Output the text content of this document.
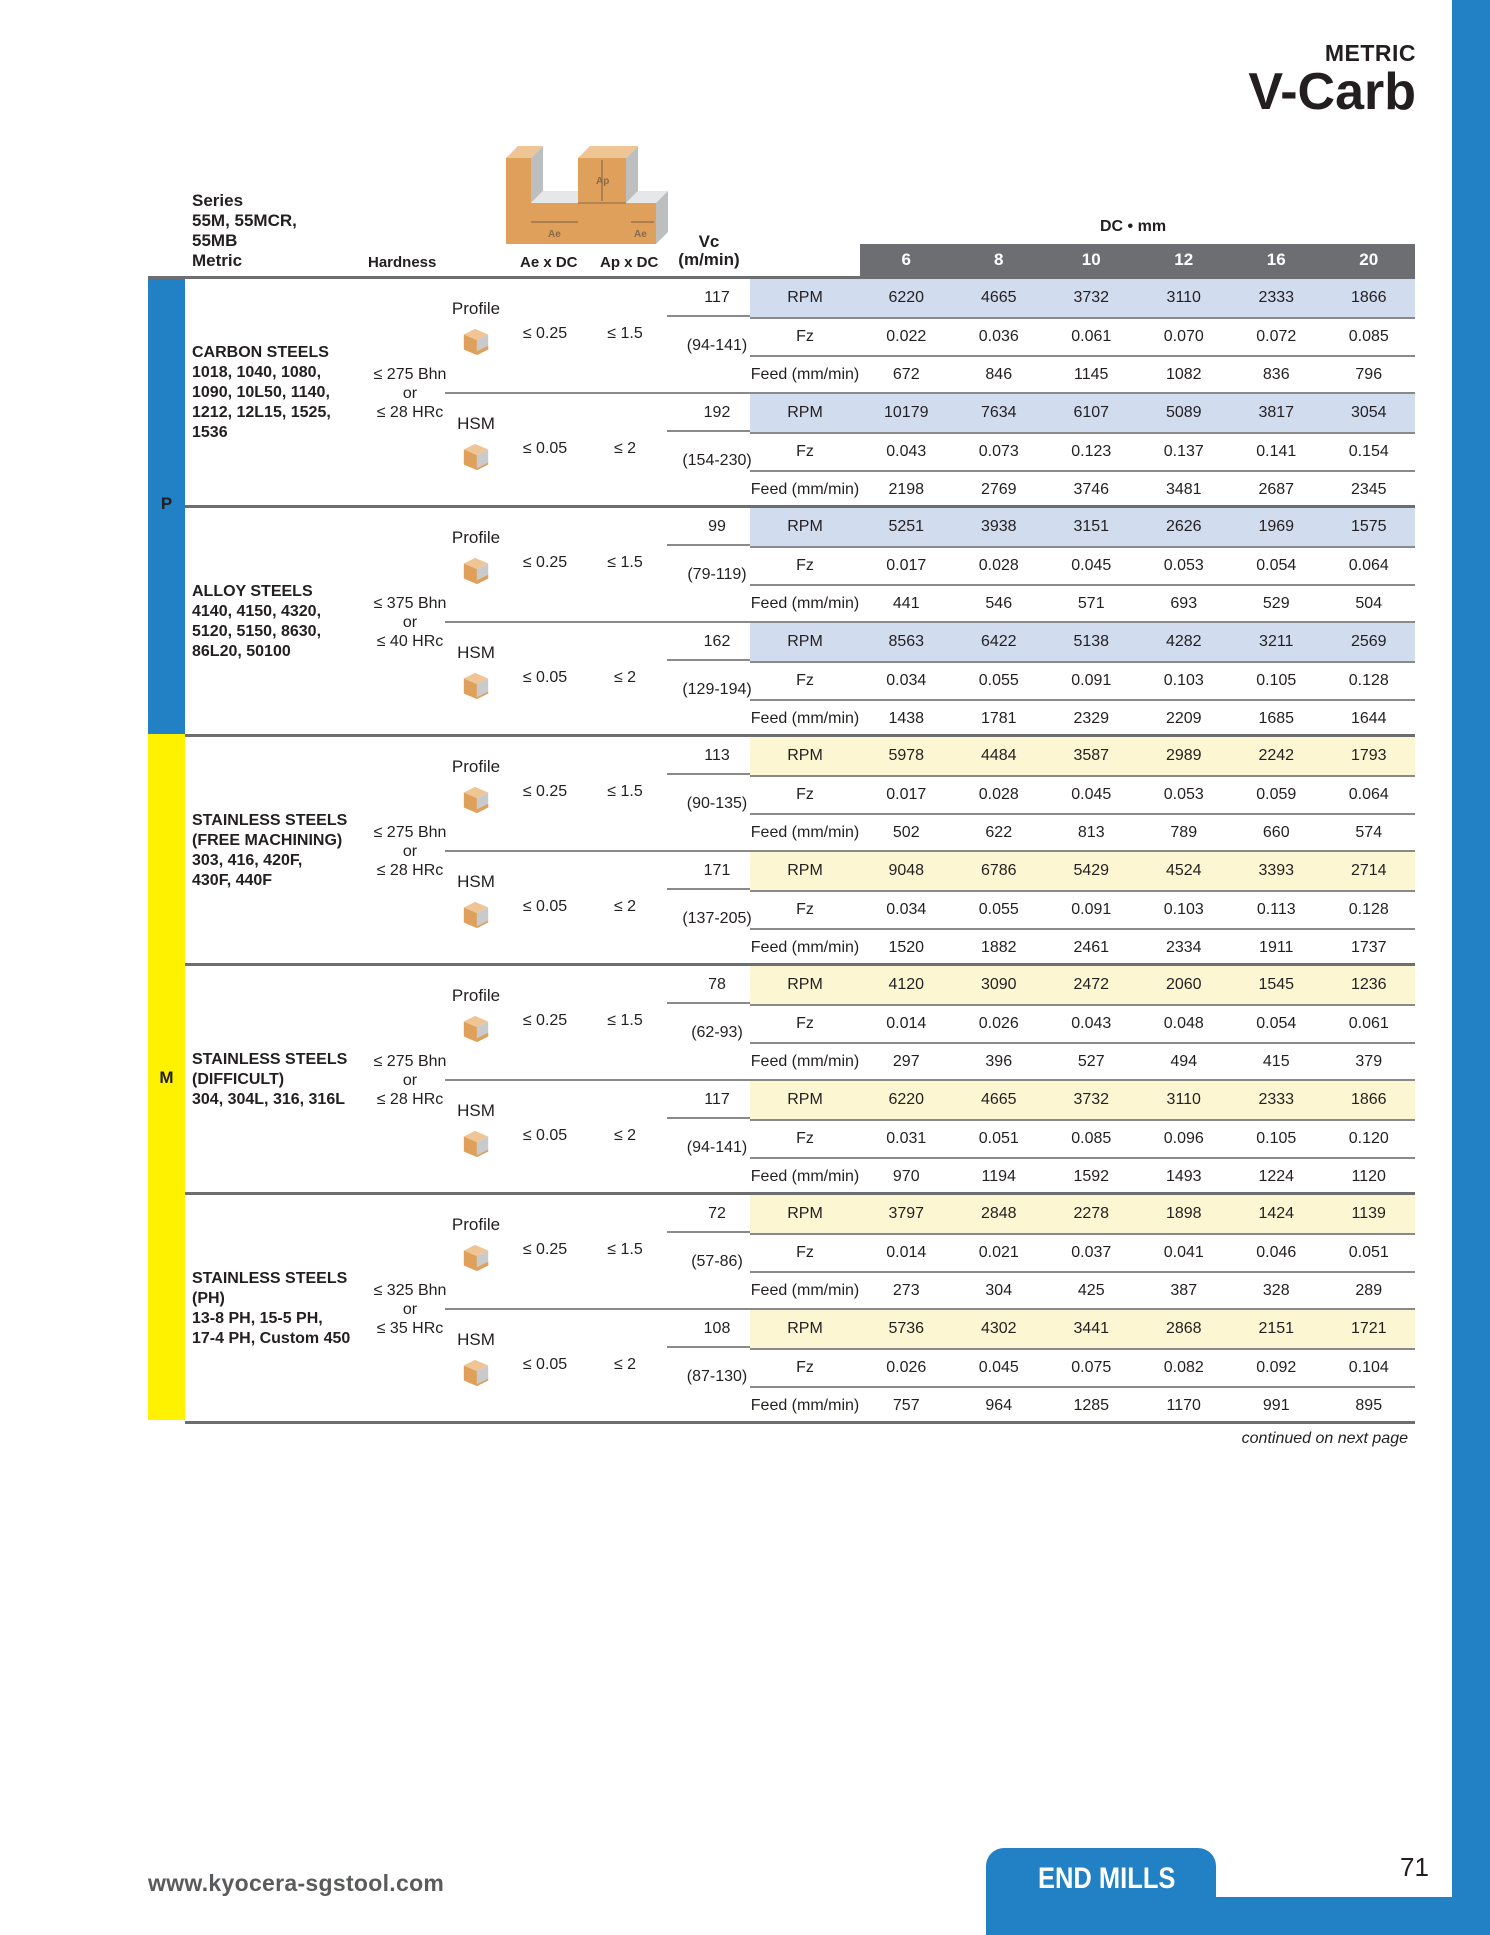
METRIC
V-Carb
Ap
Ae	Ae
Series
55M, 55MCR,
55MB
Metric	Hardness	Ae x DC Ap x DC
Vc
(m/min)
DC • mm
6	8	10	12	16	20
P
M
CARBON STEELS
1018, 1040, 1080,
1090, 10L50, 1140,
1212, 12L15, 1525,
1536
≤ 275 Bhn
or
≤ 28 HRc
Profile
≤ 0.25	≤ 1.5
117
(94-141)
RPM	6220	4665	3732	3110	2333	1866
Fz	0.022	0.036	0.061	0.070	0.072	0.085
Feed (mm/min)	672	846	1145	1082	836	796
HSM
≤ 0.05	≤ 2
192
(154-230)
RPM	10179	7634	6107	5089	3817	3054
Fz	0.043	0.073	0.123	0.137	0.141	0.154
Feed (mm/min)	2198	2769	3746	3481	2687	2345
ALLOY STEELS
4140, 4150, 4320,
5120, 5150, 8630,
86L20, 50100
≤ 375 Bhn
or
≤ 40 HRc
Profile
≤ 0.25	≤ 1.5
99
(79-119)
RPM	5251	3938	3151	2626	1969	1575
Fz	0.017	0.028	0.045	0.053	0.054	0.064
Feed (mm/min)	441	546	571	693	529	504
HSM
≤ 0.05	≤ 2
162
(129-194)
RPM	8563	6422	5138	4282	3211	2569
Fz	0.034	0.055	0.091	0.103	0.105	0.128
Feed (mm/min)	1438	1781	2329	2209	1685	1644
STAINLESS STEELS
(FREE MACHINING)
303, 416, 420F,
430F, 440F
≤ 275 Bhn
or
≤ 28 HRc
Profile
≤ 0.25	≤ 1.5
113
(90-135)
RPM	5978	4484	3587	2989	2242	1793
Fz	0.017	0.028	0.045	0.053	0.059	0.064
Feed (mm/min)	502	622	813	789	660	574
HSM
≤ 0.05	≤ 2
171
(137-205)
RPM	9048	6786	5429	4524	3393	2714
Fz	0.034	0.055	0.091	0.103	0.113	0.128
Feed (mm/min)	1520	1882	2461	2334	1911	1737
STAINLESS STEELS
(DIFFICULT)
304, 304L, 316, 316L
≤ 275 Bhn
or
≤ 28 HRc
Profile
≤ 0.25	≤ 1.5
78
(62-93)
RPM	4120	3090	2472	2060	1545	1236
Fz	0.014	0.026	0.043	0.048	0.054	0.061
Feed (mm/min)	297	396	527	494	415	379
HSM
≤ 0.05	≤ 2
117
(94-141)
RPM	6220	4665	3732	3110	2333	1866
Fz	0.031	0.051	0.085	0.096	0.105	0.120
Feed (mm/min)	970	1194	1592	1493	1224	1120
STAINLESS STEELS
(PH)
13-8 PH, 15-5 PH,
17-4 PH, Custom 450
≤ 325 Bhn
or
≤ 35 HRc
Profile
≤ 0.25	≤ 1.5
72
(57-86)
RPM	3797	2848	2278	1898	1424	1139
Fz	0.014	0.021	0.037	0.041	0.046	0.051
Feed (mm/min)	273	304	425	387	328	289
HSM
≤ 0.05	≤ 2
108
(87-130)
RPM	5736	4302	3441	2868	2151	1721
Fz	0.026	0.045	0.075	0.082	0.092	0.104
Feed (mm/min)	757	964	1285	1170	991	895
continued on next page
www.kyocera-sgstool.com	END MILLS	71
